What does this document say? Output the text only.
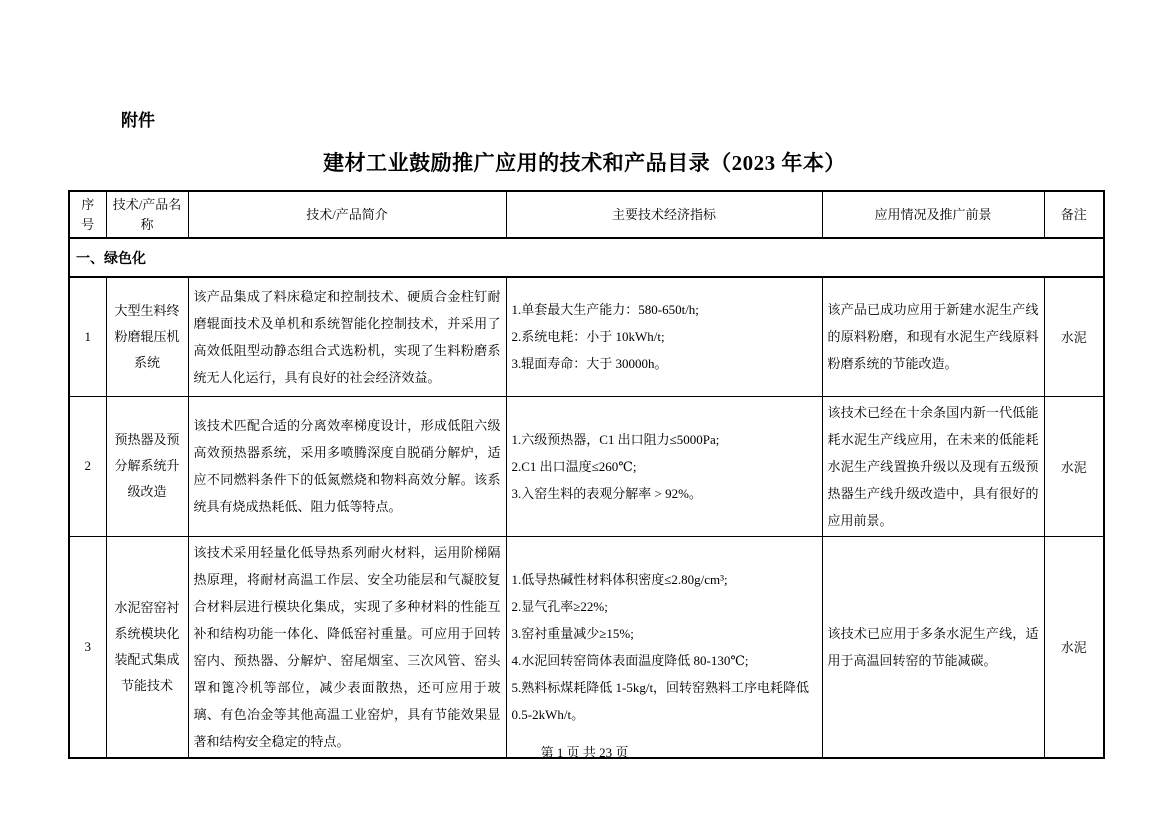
附件
建材工业鼓励推广应用的技术和产品目录（2023 年本）
序号	技术/产品名称	技术/产品简介	主要技术经济指标	应用情况及推广前景	备注
一、绿色化					
1	大型生料终粉磨辊压机系统	该产品集成了料床稳定和控制技术、硬质合金柱钉耐磨辊面技术及单机和系统智能化控制技术，并采用了高效低阻型动静态组合式选粉机，实现了生料粉磨系统无人化运行，具有良好的社会经济效益。	1.单套最大生产能力：580-650t/h;
2.系统电耗：小于 10kWh/t;
3.辊面寿命：大于 30000h。	该产品已成功应用于新建水泥生产线的原料粉磨，和现有水泥生产线原料粉磨系统的节能改造。	水泥
2	预热器及预分解系统升级改造	该技术匹配合适的分离效率梯度设计，形成低阻六级高效预热器系统，采用多喷腾深度自脱硝分解炉，适应不同燃料条件下的低氮燃烧和物料高效分解。该系统具有烧成热耗低、阻力低等特点。	1.六级预热器，C1 出口阻力≤5000Pa;
2.C1 出口温度≤260℃;
3.入窑生料的表观分解率 > 92%。	该技术已经在十余条国内新一代低能耗水泥生产线应用，在未来的低能耗水泥生产线置换升级以及现有五级预热器生产线升级改造中，具有很好的应用前景。	水泥
3	水泥窑窑衬系统模块化装配式集成节能技术	该技术采用轻量化低导热系列耐火材料，运用阶梯隔热原理，将耐材高温工作层、安全功能层和气凝胶复合材料层进行模块化集成，实现了多种材料的性能互补和结构功能一体化、降低窑衬重量。可应用于回转窑内、预热器、分解炉、窑尾烟室、三次风管、窑头罩和篦冷机等部位，减少表面散热，还可应用于玻璃、有色冶金等其他高温工业窑炉，具有节能效果显著和结构安全稳定的特点。	1.低导热碱性材料体积密度≤2.80g/cm³;
2.显气孔率≥22%;
3.窑衬重量减少≥15%;
4.水泥回转窑筒体表面温度降低 80-130℃;
5.熟料标煤耗降低 1-5kg/t，回转窑熟料工序电耗降低 0.5-2kWh/t。	该技术已应用于多条水泥生产线，适用于高温回转窑的节能减碳。	水泥
第 1 页 共 23 页
